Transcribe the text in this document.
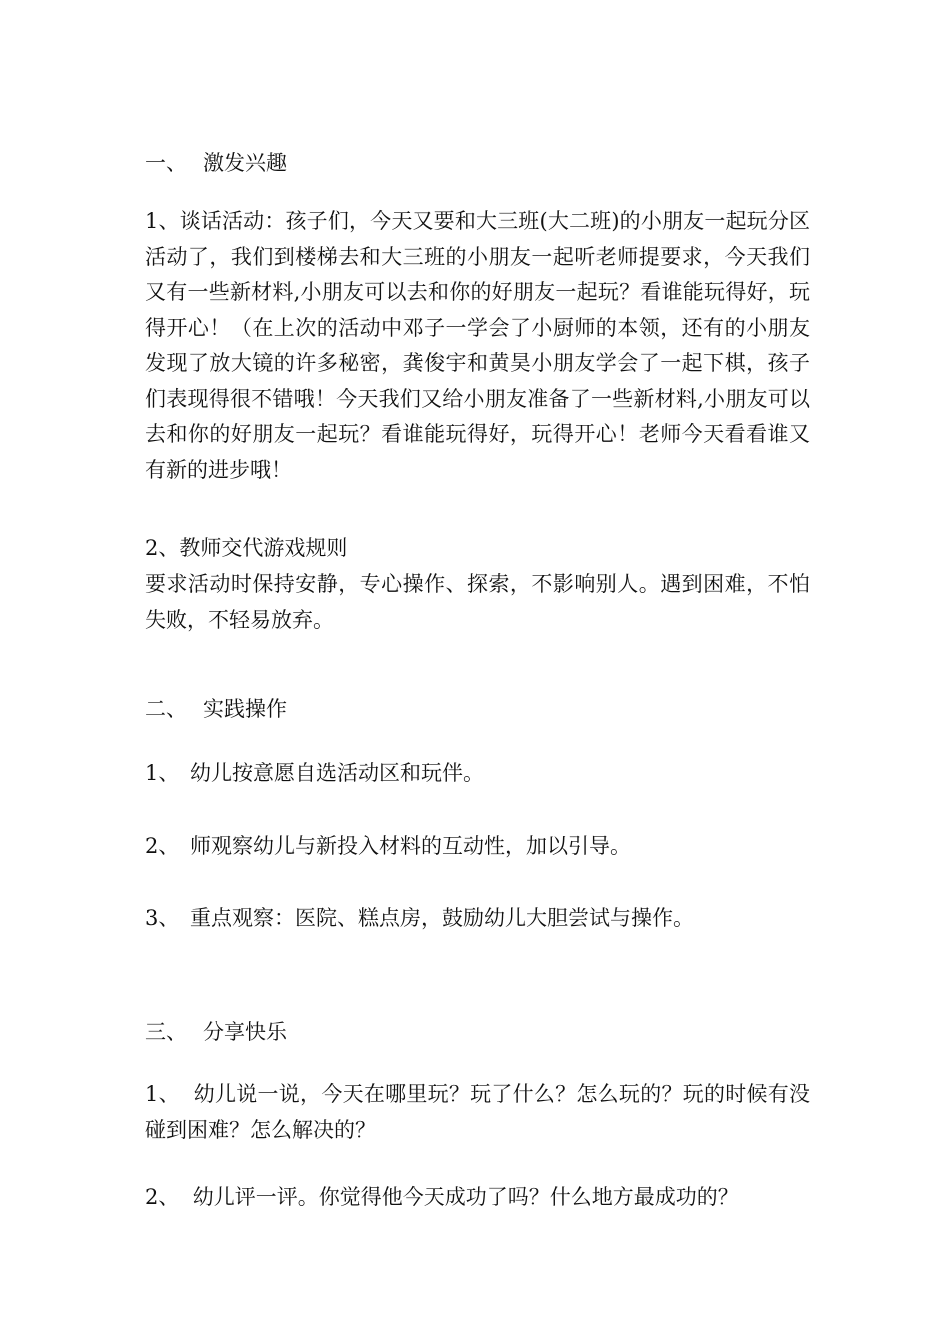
一、 激发兴趣
1、谈话活动：孩子们，今天又要和大三班(大二班)的小朋友一起玩分区活动了，我们到楼梯去和大三班的小朋友一起听老师提要求，今天我们又有一些新材料,小朋友可以去和你的好朋友一起玩？看谁能玩得好，玩得开心！（在上次的活动中邓子一学会了小厨师的本领，还有的小朋友发现了放大镜的许多秘密，龚俊宇和黄昊小朋友学会了一起下棋，孩子们表现得很不错哦！今天我们又给小朋友准备了一些新材料,小朋友可以去和你的好朋友一起玩？看谁能玩得好，玩得开心！老师今天看看谁又有新的进步哦！
2、教师交代游戏规则
要求活动时保持安静，专心操作、探索，不影响别人。遇到困难，不怕失败，不轻易放弃。
二、 实践操作
1、 幼儿按意愿自选活动区和玩伴。
2、 师观察幼儿与新投入材料的互动性，加以引导。
3、 重点观察：医院、糕点房，鼓励幼儿大胆尝试与操作。
三、 分享快乐
1、 幼儿说一说，今天在哪里玩？玩了什么？怎么玩的？玩的时候有没碰到困难？怎么解决的？
2、 幼儿评一评。你觉得他今天成功了吗？什么地方最成功的？
